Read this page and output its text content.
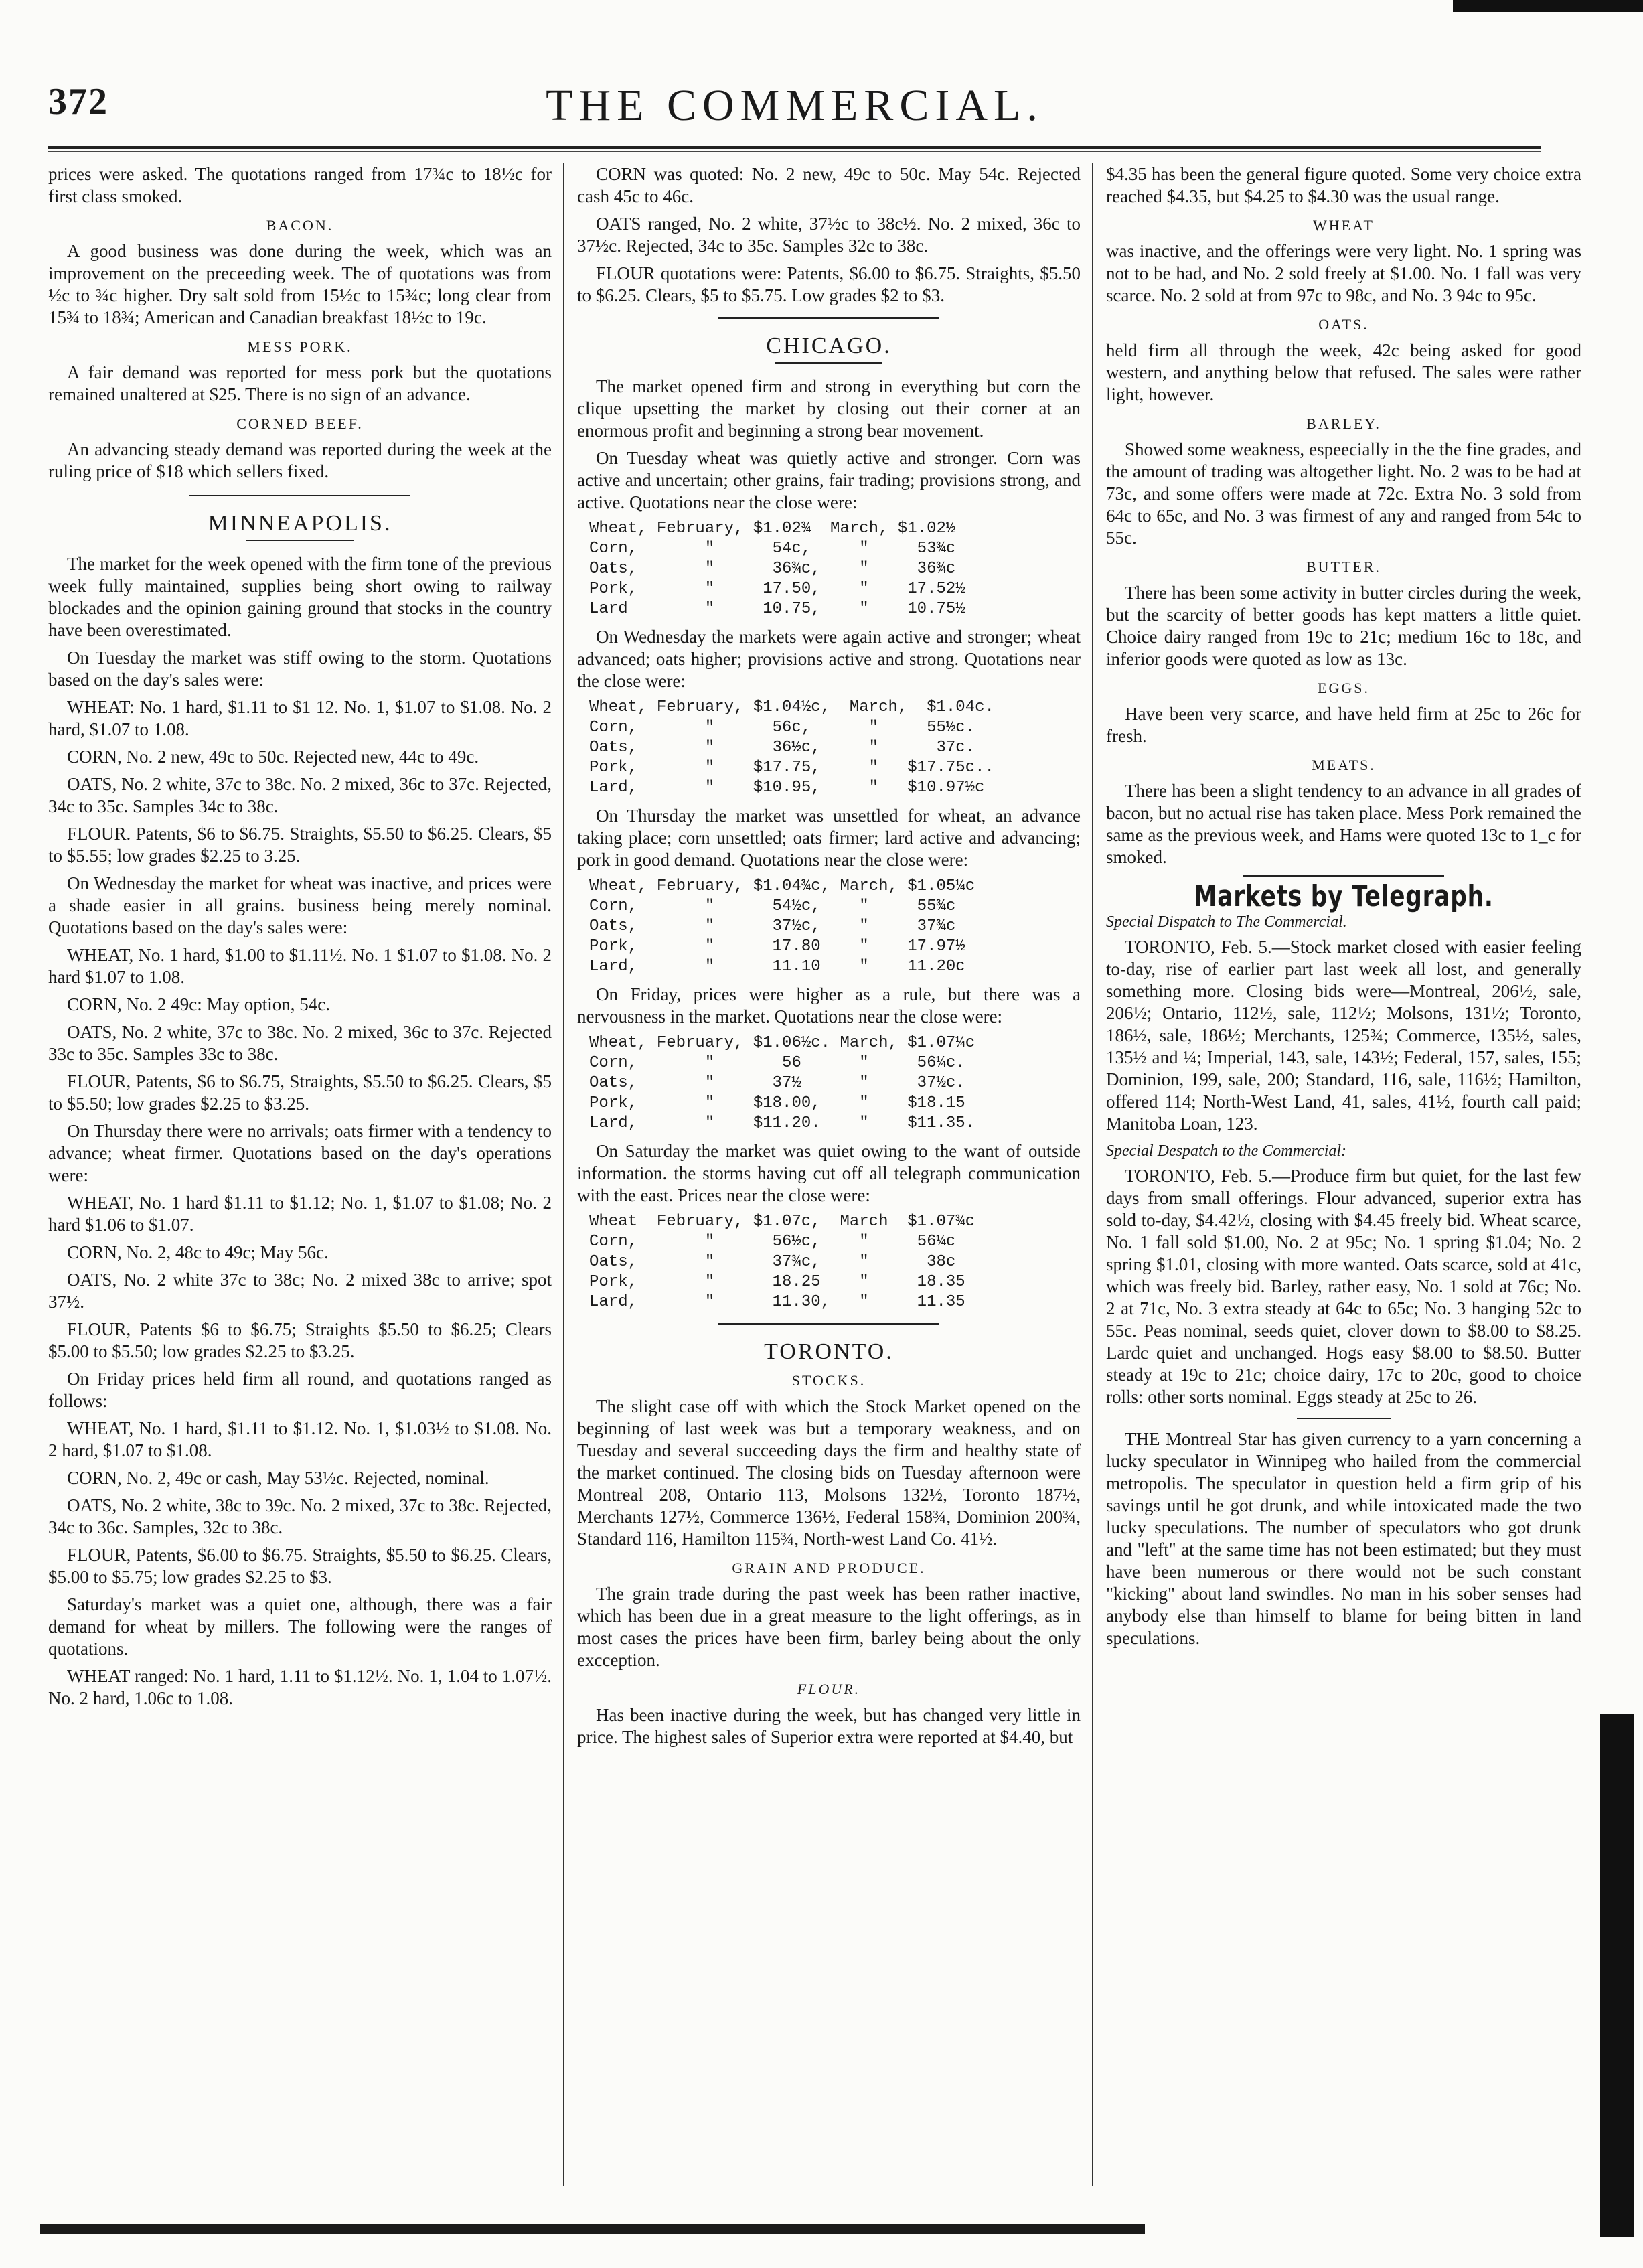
372	THE COMMERCIAL.

prices were asked. The quotations ranged from 17¾c to 18½c for first class smoked.

BACON.

A good business was done during the week, which was an improvement on the preceeding week. The of quotations was from ½c to ¾c higher. Dry salt sold from 15½c to 15¾c; long clear from 15¾ to 18¾; American and Canadian breakfast 18½c to 19c.

MESS PORK.

A fair demand was reported for mess pork but the quotations remained unaltered at $25. There is no sign of an advance.

CORNED BEEF.

An advancing steady demand was reported during the week at the ruling price of $18 which sellers fixed.

MINNEAPOLIS.

The market for the week opened with the firm tone of the previous week fully maintained, supplies being short owing to railway blockades and the opinion gaining ground that stocks in the country have been overestimated.

On Tuesday the market was stiff owing to the storm. Quotations based on the day's sales were:

WHEAT: No. 1 hard, $1.11 to $1 12. No. 1, $1.07 to $1.08. No. 2 hard, $1.07 to 1.08.

CORN, No. 2 new, 49c to 50c. Rejected new, 44c to 49c.

OATS, No. 2 white, 37c to 38c. No. 2 mixed, 36c to 37c. Rejected, 34c to 35c. Samples 34c to 38c.

FLOUR. Patents, $6 to $6.75. Straights, $5.50 to $6.25. Clears, $5 to $5.55; low grades $2.25 to 3.25.

On Wednesday the market for wheat was inactive, and prices were a shade easier in all grains. business being merely nominal. Quotations based on the day's sales were:

WHEAT, No. 1 hard, $1.00 to $1.11½. No. 1 $1.07 to $1.08. No. 2 hard $1.07 to 1.08.

CORN, No. 2 49c: May option, 54c.

OATS, No. 2 white, 37c to 38c. No. 2 mixed, 36c to 37c. Rejected 33c to 35c. Samples 33c to 38c.

FLOUR, Patents, $6 to $6.75, Straights, $5.50 to $6.25. Clears, $5 to $5.50; low grades $2.25 to $3.25.

On Thursday there were no arrivals; oats firmer with a tendency to advance; wheat firmer. Quotations based on the day's operations were:

WHEAT, No. 1 hard $1.11 to $1.12; No. 1, $1.07 to $1.08; No. 2 hard $1.06 to $1.07.

CORN, No. 2, 48c to 49c; May 56c.

OATS, No. 2 white 37c to 38c; No. 2 mixed 38c to arrive; spot 37½.

FLOUR, Patents $6 to $6.75; Straights $5.50 to $6.25; Clears $5.00 to $5.50; low grades $2.25 to $3.25.

On Friday prices held firm all round, and quotations ranged as follows:

WHEAT, No. 1 hard, $1.11 to $1.12. No. 1, $1.03½ to $1.08. No. 2 hard, $1.07 to $1.08.

CORN, No. 2, 49c or cash, May 53½c. Rejected, nominal.

OATS, No. 2 white, 38c to 39c. No. 2 mixed, 37c to 38c. Rejected, 34c to 36c. Samples, 32c to 38c.

FLOUR, Patents, $6.00 to $6.75. Straights, $5.50 to $6.25. Clears, $5.00 to $5.75; low grades $2.25 to $3.

Saturday's market was a quiet one, although, there was a fair demand for wheat by millers. The following were the ranges of quotations.

WHEAT ranged: No. 1 hard, 1.11 to $1.12½. No. 1, 1.04 to 1.07½. No. 2 hard, 1.06c to 1.08.

CORN was quoted: No. 2 new, 49c to 50c. May 54c. Rejected cash 45c to 46c.

OATS ranged, No. 2 white, 37½c to 38c½. No. 2 mixed, 36c to 37½c. Rejected, 34c to 35c. Samples 32c to 38c.

FLOUR quotations were: Patents, $6.00 to $6.75. Straights, $5.50 to $6.25. Clears, $5 to $5.75. Low grades $2 to $3.

CHICAGO.

The market opened firm and strong in everything but corn the clique upsetting the market by closing out their corner at an enormous profit and beginning a strong bear movement.

On Tuesday wheat was quietly active and stronger. Corn was active and uncertain; other grains, fair trading; provisions strong, and active. Quotations near the close were:

Wheat, February, $1.02¾  March, $1.02½
Corn,       "      54c,     "     53¾c
Oats,       "      36¾c,    "     36¾c
Pork,       "     17.50,    "    17.52½
Lard        "     10.75,    "    10.75½

On Wednesday the markets were again active and stronger; wheat advanced; oats higher; provisions active and strong. Quotations near the close were:

Wheat, February, $1.04½c,  March,  $1.04c.
Corn,       "      56c,      "     55½c.
Oats,       "      36½c,     "      37c.
Pork,       "    $17.75,     "   $17.75c..
Lard,       "    $10.95,     "   $10.97½c

On Thursday the market was unsettled for wheat, an advance taking place; corn unsettled; oats firmer; lard active and advancing; pork in good demand. Quotations near the close were:

Wheat, February, $1.04¾c, March, $1.05¼c
Corn,       "      54½c,    "     55¾c
Oats,       "      37½c,    "     37¾c
Pork,       "      17.80    "    17.97½
Lard,       "      11.10    "    11.20c

On Friday, prices were higher as a rule, but there was a nervousness in the market. Quotations near the close were:

Wheat, February, $1.06½c. March, $1.07¼c
Corn,       "       56      "     56¼c.
Oats,       "      37½      "     37½c.
Pork,       "    $18.00,    "    $18.15
Lard,       "    $11.20.    "    $11.35.

On Saturday the market was quiet owing to the want of outside information. the storms having cut off all telegraph communication with the east. Prices near the close were:

Wheat  February, $1.07c,  March  $1.07¾c
Corn,       "      56½c,    "     56¼c
Oats,       "      37¾c,    "      38c
Pork,       "      18.25    "     18.35
Lard,       "      11.30,   "     11.35
TORONTO.
STOCKS.

The slight case off with which the Stock Market opened on the beginning of last week was but a temporary weakness, and on Tuesday and several succeeding days the firm and healthy state of the market continued. The closing bids on Tuesday afternoon were Montreal 208, Ontario 113, Molsons 132½, Toronto 187½, Merchants 127½, Commerce 136½, Federal 158¾, Dominion 200¾, Standard 116, Hamilton 115¾, North-west Land Co. 41½.

GRAIN AND PRODUCE.

The grain trade during the past week has been rather inactive, which has been due in a great measure to the light offerings, as in most cases the prices have been firm, barley being about the only excception.

FLOUR.

Has been inactive during the week, but has changed very little in price. The highest sales of Superior extra were reported at $4.40, but

$4.35 has been the general figure quoted. Some very choice extra reached $4.35, but $4.25 to $4.30 was the usual range.

WHEAT

was inactive, and the offerings were very light. No. 1 spring was not to be had, and No. 2 sold freely at $1.00. No. 1 fall was very scarce. No. 2 sold at from 97c to 98c, and No. 3 94c to 95c.

OATS.

held firm all through the week, 42c being asked for good western, and anything below that refused. The sales were rather light, however.

BARLEY.

Showed some weakness, espeecially in the the fine grades, and the amount of trading was altogether light. No. 2 was to be had at 73c, and some offers were made at 72c. Extra No. 3 sold from 64c to 65c, and No. 3 was firmest of any and ranged from 54c to 55c.

BUTTER.

There has been some activity in butter circles during the week, but the scarcity of better goods has kept matters a little quiet. Choice dairy ranged from 19c to 21c; medium 16c to 18c, and inferior goods were quoted as low as 13c.

EGGS.

Have been very scarce, and have held firm at 25c to 26c for fresh.

MEATS.

There has been a slight tendency to an advance in all grades of bacon, but no actual rise has taken place. Mess Pork remained the same as the previous week, and Hams were quoted 13c to 1_c for smoked.

Markets by Telegraph.
Special Dispatch to The Commercial.

TORONTO, Feb. 5.—Stock market closed with easier feeling to-day, rise of earlier part last week all lost, and generally something more. Closing bids were—Montreal, 206½, sale, 206½; Ontario, 112½, sale, 112½; Molsons, 131½; Toronto, 186½, sale, 186½; Merchants, 125¾; Commerce, 135½, sales, 135½ and ¼; Imperial, 143, sale, 143½; Federal, 157, sales, 155; Dominion, 199, sale, 200; Standard, 116, sale, 116½; Hamilton, offered 114; North-West Land, 41, sales, 41½, fourth call paid; Manitoba Loan, 123.

Special Despatch to the Commercial:

TORONTO, Feb. 5.—Produce firm but quiet, for the last few days from small offerings. Flour advanced, superior extra has sold to-day, $4.42½, closing with $4.45 freely bid. Wheat scarce, No. 1 fall sold $1.00, No. 2 at 95c; No. 1 spring $1.04; No. 2 spring $1.01, closing with more wanted. Oats scarce, sold at 41c, which was freely bid. Barley, rather easy, No. 1 sold at 76c; No. 2 at 71c, No. 3 extra steady at 64c to 65c; No. 3 hanging 52c to 55c. Peas nominal, seeds quiet, clover down to $8.00 to $8.25. Lardc quiet and unchanged. Hogs easy $8.00 to $8.50. Butter steady at 19c to 21c; choice dairy, 17c to 20c, good to choice rolls: other sorts nominal. Eggs steady at 25c to 26.

THE Montreal Star has given currency to a yarn concerning a lucky speculator in Winnipeg who hailed from the commercial metropolis. The speculator in question held a firm grip of his savings until he got drunk, and while intoxicated made the two lucky speculations. The number of speculators who got drunk and "left" at the same time has not been estimated; but they must have been numerous or there would not be such constant "kicking" about land swindles. No man in his sober senses had anybody else than himself to blame for being bitten in land speculations.
